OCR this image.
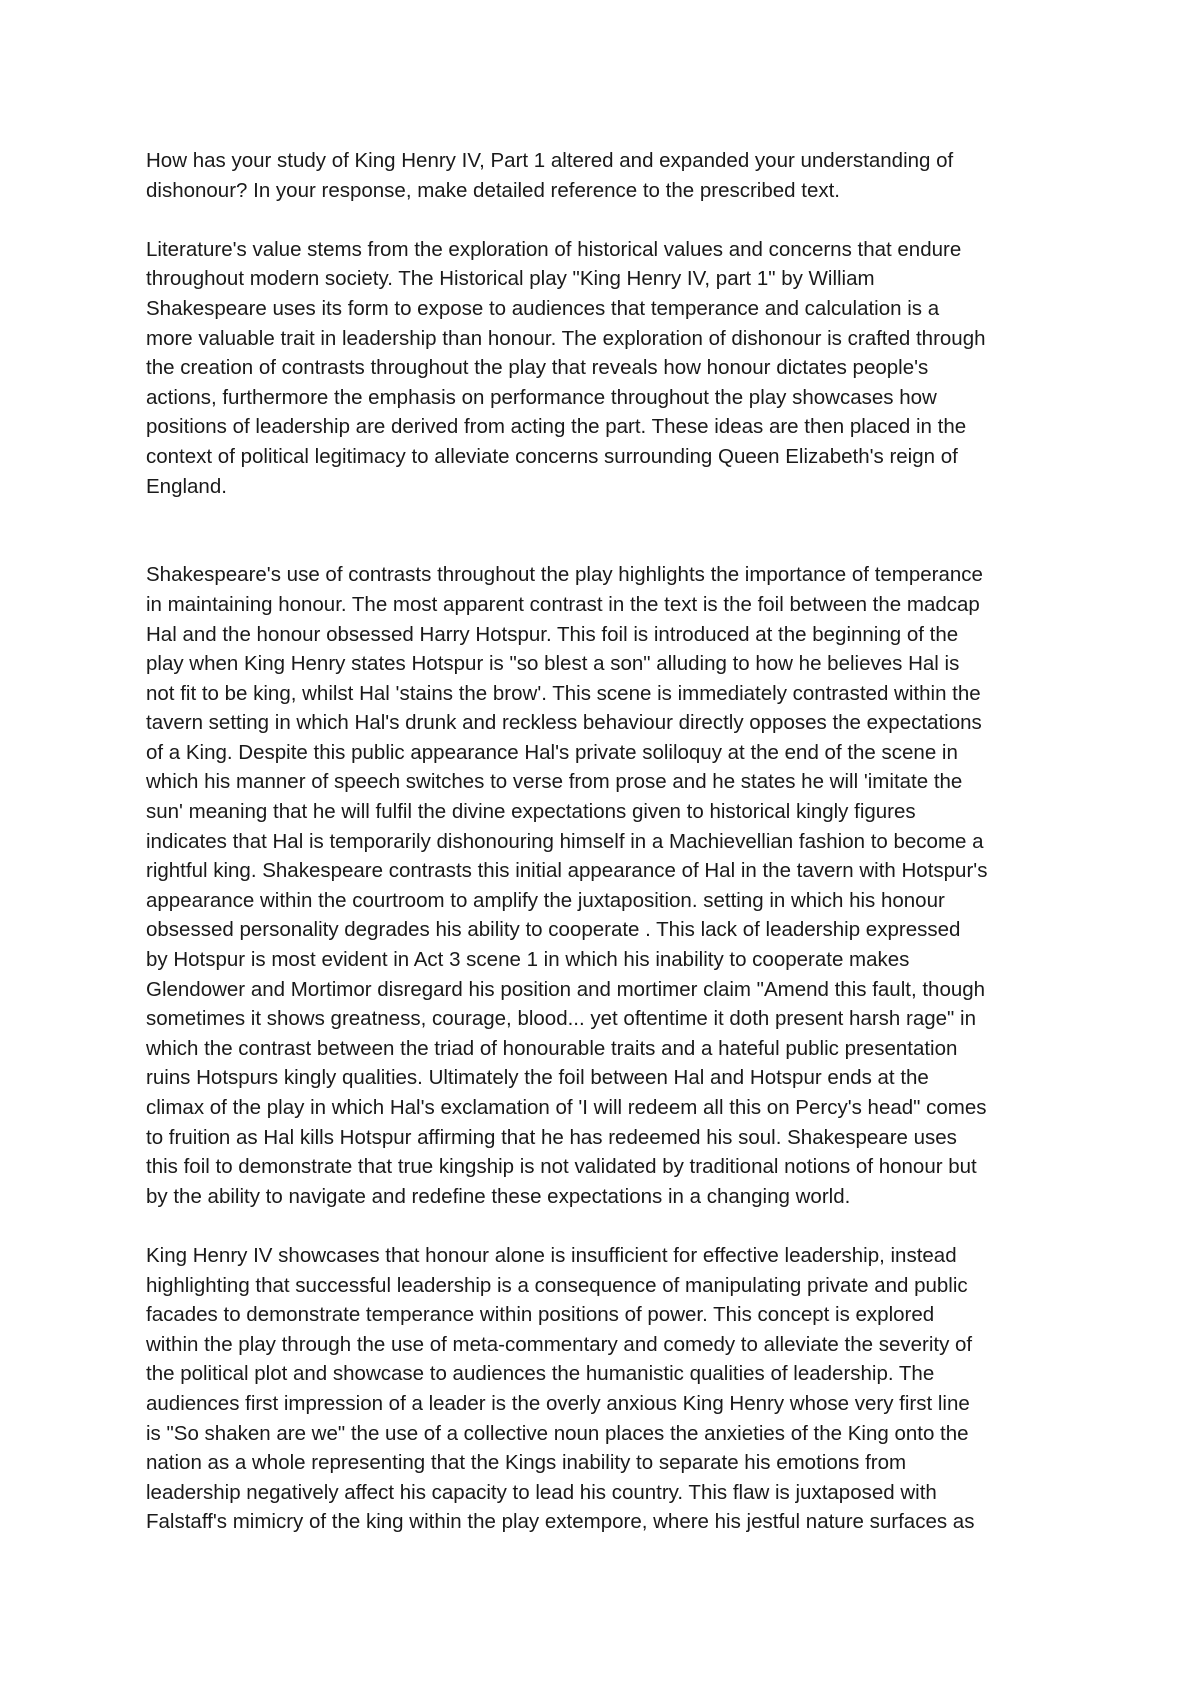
How has your study of King Henry IV, Part 1 altered and expanded your understanding of
dishonour? In your response, make detailed reference to the prescribed text.

Literature's value stems from the exploration of historical values and concerns that endure
throughout modern society. The Historical play "King Henry IV, part 1" by William
Shakespeare uses its form to expose to audiences that temperance and calculation is a
more valuable trait in leadership than honour. The exploration of dishonour is crafted through
the creation of contrasts throughout the play that reveals how honour dictates people's
actions, furthermore the emphasis on performance throughout the play showcases how
positions of leadership are derived from acting the part. These ideas are then placed in the
context of political legitimacy to alleviate concerns surrounding Queen Elizabeth's reign of
England.

Shakespeare's use of contrasts throughout the play highlights the importance of temperance
in maintaining honour. The most apparent contrast in the text is the foil between the madcap
Hal and the honour obsessed Harry Hotspur. This foil is introduced at the beginning of the
play when King Henry states Hotspur is "so blest a son" alluding to how he believes Hal is
not fit to be king, whilst Hal 'stains the brow'. This scene is immediately contrasted within the
tavern setting in which Hal's drunk and reckless behaviour directly opposes the expectations
of a King. Despite this public appearance Hal's private soliloquy at the end of the scene in
which his manner of speech switches to verse from prose and he states he will 'imitate the
sun' meaning that he will fulfil the divine expectations given to historical kingly figures
indicates that Hal is temporarily dishonouring himself in a Machievellian fashion to become a
rightful king. Shakespeare contrasts this initial appearance of Hal in the tavern with Hotspur's
appearance within the courtroom to amplify the juxtaposition. setting in which his honour
obsessed personality degrades his ability to cooperate . This lack of leadership expressed
by Hotspur is most evident in Act 3 scene 1 in which his inability to cooperate makes
Glendower and Mortimor disregard his position and mortimer claim "Amend this fault, though
sometimes it shows greatness, courage, blood... yet oftentime it doth present harsh rage" in
which the contrast between the triad of honourable traits and a hateful public presentation
ruins Hotspurs kingly qualities. Ultimately the foil between Hal and Hotspur ends at the
climax of the play in which Hal's exclamation of 'I will redeem all this on Percy's head" comes
to fruition as Hal kills Hotspur affirming that he has redeemed his soul. Shakespeare uses
this foil to demonstrate that true kingship is not validated by traditional notions of honour but
by the ability to navigate and redefine these expectations in a changing world.

King Henry IV showcases that honour alone is insufficient for effective leadership, instead
highlighting that successful leadership is a consequence of manipulating private and public
facades to demonstrate temperance within positions of power. This concept is explored
within the play through the use of meta-commentary and comedy to alleviate the severity of
the political plot and showcase to audiences the humanistic qualities of leadership. The
audiences first impression of a leader is the overly anxious King Henry whose very first line
is "So shaken are we" the use of a collective noun places the anxieties of the King onto the
nation as a whole representing that the Kings inability to separate his emotions from
leadership negatively affect his capacity to lead his country. This flaw is juxtaposed with
Falstaff's mimicry of the king within the play extempore, where his jestful nature surfaces as
